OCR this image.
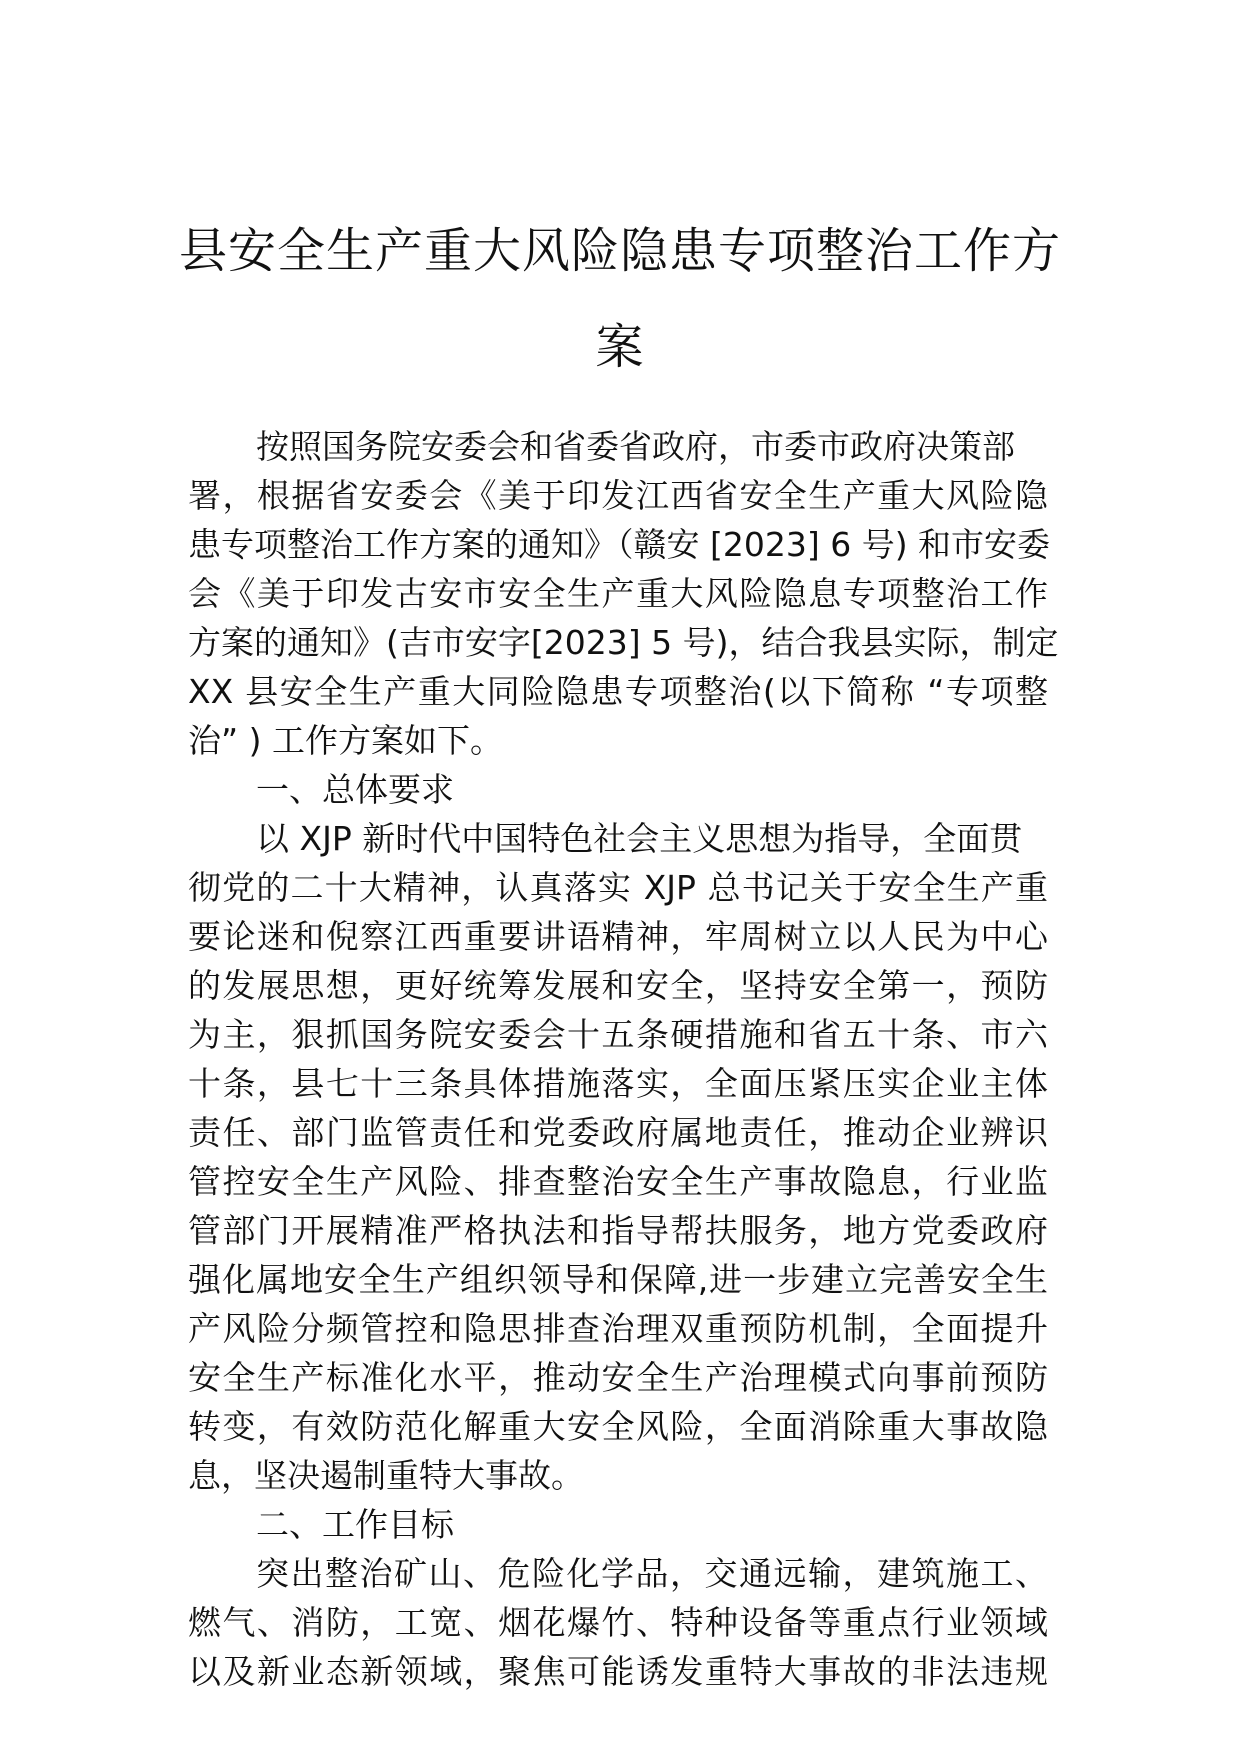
县安全生产重大风险隐患专项整治工作方
案
按照国务院安委会和省委省政府，市委市政府决策部
署，根据省安委会《美于印发江西省安全生产重大风险隐
患专项整治工作方案的通知》（赣安 [2023] 6 号) 和市安委
会《美于印发古安市安全生产重大风险隐息专项整治工作
方案的通知》(吉市安字[2023] 5 号)，结合我县实际，制定
XX 县安全生产重大同险隐患专项整治(以下简称 “专项整
治” ) 工作方案如下。
一、总体要求
以 XJP 新时代中国特色社会主义思想为指导，全面贯
彻党的二十大精神，认真落实 XJP 总书记关于安全生产重
要论迷和倪察江西重要讲语精神，牢周树立以人民为中心
的发展思想，更好统筹发展和安全，坚持安全第一，预防
为主，狠抓国务院安委会十五条硬措施和省五十条、市六
十条，县七十三条具体措施落实，全面压紧压实企业主体
责任、部门监管责任和党委政府属地责任，推动企业辨识
管控安全生产风险、排查整治安全生产事故隐息，行业监
管部门开展精准严格执法和指导帮扶服务，地方党委政府
强化属地安全生产组织领导和保障,进一步建立完善安全生
产风险分频管控和隐思排查治理双重预防机制，全面提升
安全生产标准化水平，推动安全生产治理模式向事前预防
转变，有效防范化解重大安全风险，全面消除重大事故隐
息，坚决遏制重特大事故。
二、工作目标
突出整治矿山、危险化学品，交通远输，建筑施工、
燃气、消防，工宽、烟花爆竹、特种设备等重点行业领域
以及新业态新领域，聚焦可能诱发重特大事故的非法违规
